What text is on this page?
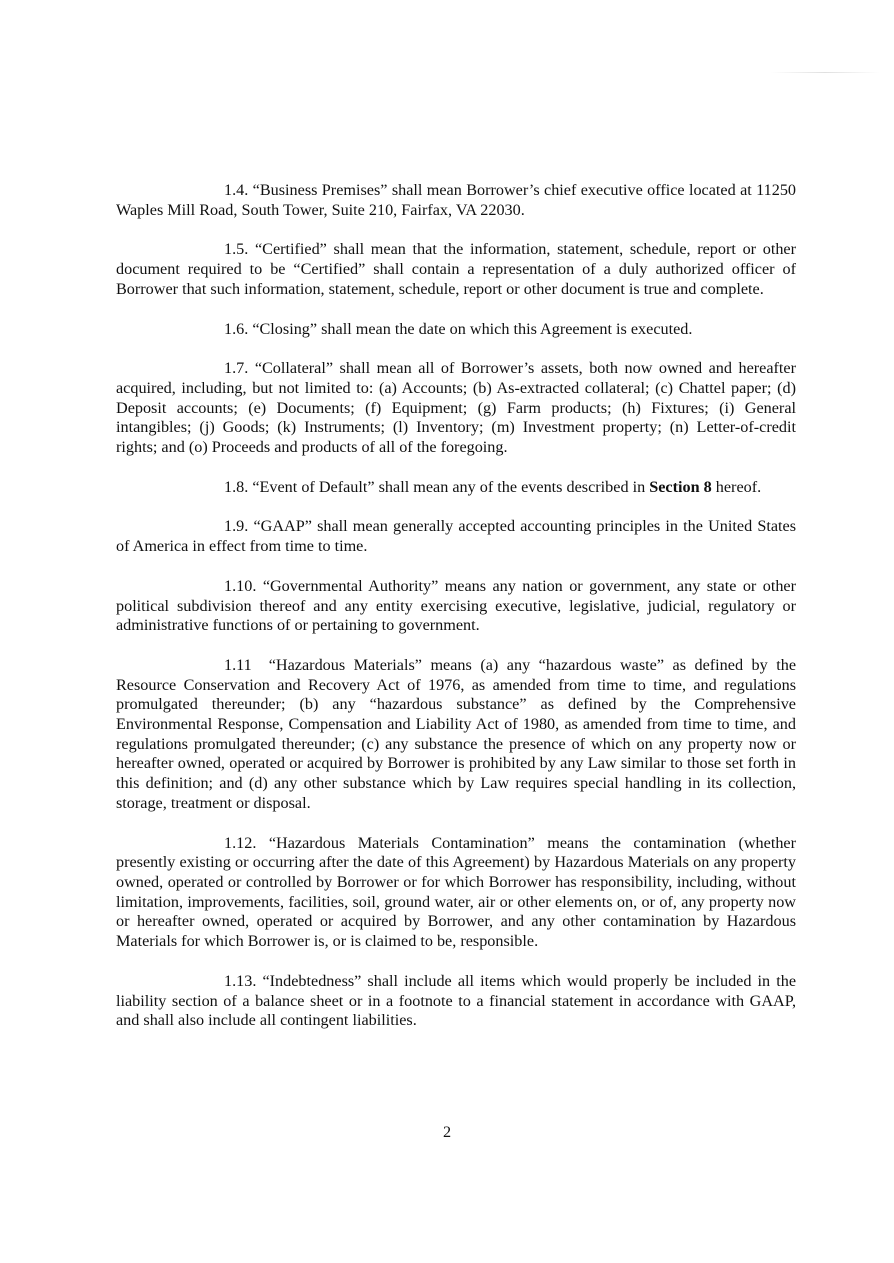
1.4. “Business Premises” shall mean Borrower’s chief executive office located at 11250 Waples Mill Road, South Tower, Suite 210, Fairfax, VA 22030.

1.5. “Certified” shall mean that the information, statement, schedule, report or other document required to be “Certified” shall contain a representation of a duly authorized officer of Borrower that such information, statement, schedule, report or other document is true and complete.

1.6. “Closing” shall mean the date on which this Agreement is executed.

1.7. “Collateral” shall mean all of Borrower’s assets, both now owned and hereafter acquired, including, but not limited to: (a) Accounts; (b) As-extracted collateral; (c) Chattel paper; (d) Deposit accounts; (e) Documents; (f) Equipment; (g) Farm products; (h) Fixtures; (i) General intangibles; (j) Goods; (k) Instruments; (l) Inventory; (m) Investment property; (n) Letter-of-credit rights; and (o) Proceeds and products of all of the foregoing.

1.8. “Event of Default” shall mean any of the events described in Section 8 hereof.

1.9. “GAAP” shall mean generally accepted accounting principles in the United States of America in effect from time to time.

1.10. “Governmental Authority” means any nation or government, any state or other political subdivision thereof and any entity exercising executive, legislative, judicial, regulatory or administrative functions of or pertaining to government.

1.11 “Hazardous Materials” means (a) any “hazardous waste” as defined by the Resource Conservation and Recovery Act of 1976, as amended from time to time, and regulations promulgated thereunder; (b) any “hazardous substance” as defined by the Comprehensive Environmental Response, Compensation and Liability Act of 1980, as amended from time to time, and regulations promulgated thereunder; (c) any substance the presence of which on any property now or hereafter owned, operated or acquired by Borrower is prohibited by any Law similar to those set forth in this definition; and (d) any other substance which by Law requires special handling in its collection, storage, treatment or disposal.

1.12. “Hazardous Materials Contamination” means the contamination (whether presently existing or occurring after the date of this Agreement) by Hazardous Materials on any property owned, operated or controlled by Borrower or for which Borrower has responsibility, including, without limitation, improvements, facilities, soil, ground water, air or other elements on, or of, any property now or hereafter owned, operated or acquired by Borrower, and any other contamination by Hazardous Materials for which Borrower is, or is claimed to be, responsible.

1.13. “Indebtedness” shall include all items which would properly be included in the liability section of a balance sheet or in a footnote to a financial statement in accordance with GAAP, and shall also include all contingent liabilities.

2
